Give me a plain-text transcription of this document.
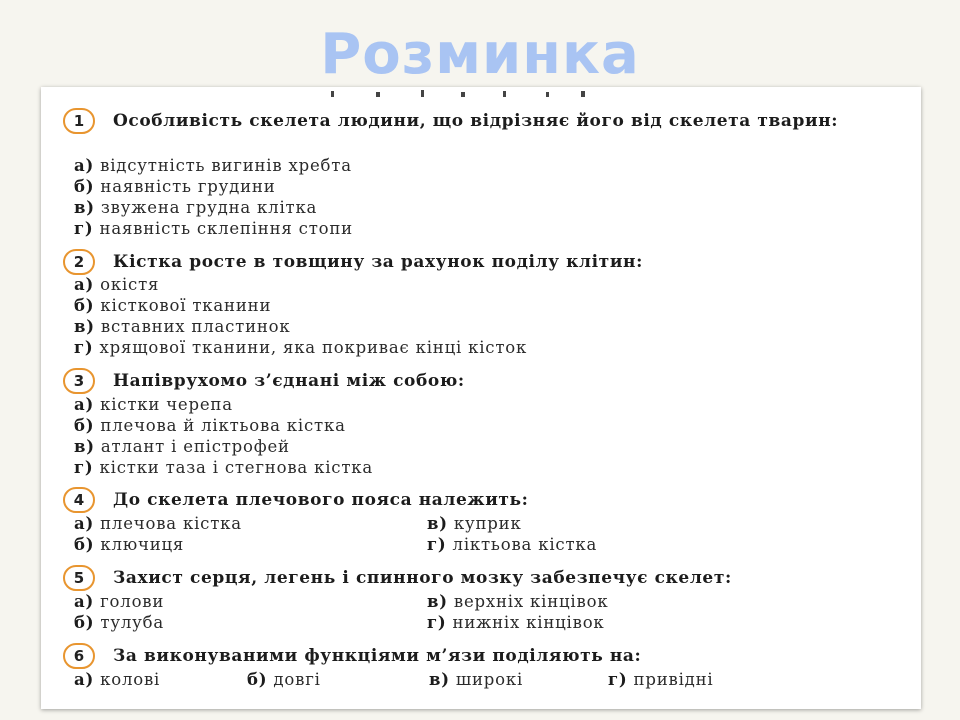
Розминка
1	Особливість скелета людини, що відрізняє його від скелета тварин:
а) відсутність вигинів хребта
б) наявність грудини
в) звужена грудна клітка
г) наявність склепіння стопи
2	Кістка росте в товщину за рахунок поділу клітин:
а) окістя
б) кісткової тканини
в) вставних пластинок
г) хрящової тканини, яка покриває кінці кісток
3	Напіврухомо з’єднані між собою:
а) кістки черепа
б) плечова й ліктьова кістка
в) атлант і епістрофей
г) кістки таза і стегнова кістка
4	До скелета плечового пояса належить:
а) плечова кістка
б) ключиця
в) куприк
г) ліктьова кістка
5	Захист серця, легень і спинного мозку забезпечує скелет:
а) голови
б) тулуба
в) верхніх кінцівок
г) нижніх кінцівок
6	За виконуваними функціями м’язи поділяють на:
а) колові	б) довгі	в) широкі	г) привідні
